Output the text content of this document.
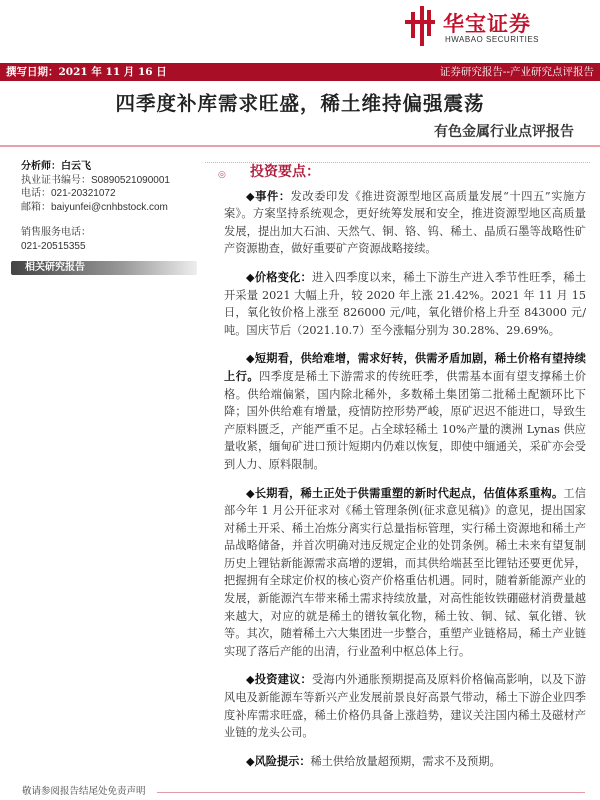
华宝证券
HWABAO SECURITIES
撰写日期：2021 年 11 月 16 日	证券研究报告--产业研究点评报告
四季度补库需求旺盛，稀土维持偏强震荡
有色金属行业点评报告
分析师：白云飞
执业证书编号：S0890521090001
电话：021-20321072
邮箱：baiyunfei@cnhbstock.com
销售服务电话：
021-20515355
相关研究报告
◎ 投资要点：

◆事件：发改委印发《推进资源型地区高质量发展“十四五”实施方案》。方案坚持系统观念，更好统筹发展和安全，推进资源型地区高质量发展，提出加大石油、天然气、铜、铬、钨、稀土、晶质石墨等战略性矿产资源勘查，做好重要矿产资源战略接续。

◆价格变化：进入四季度以来，稀土下游生产进入季节性旺季，稀土开采量 2021 大幅上升，较 2020 年上涨 21.42%。2021 年 11 月 15 日，氧化钕价格上涨至 826000 元/吨，氧化镨价格上升至 843000 元/吨。国庆节后（2021.10.7）至今涨幅分别为 30.28%、29.69%。

◆短期看，供给难增，需求好转，供需矛盾加剧，稀土价格有望持续上行。四季度是稀土下游需求的传统旺季，供需基本面有望支撑稀土价格。供给端偏紧，国内除北稀外，多数稀土集团第二批稀土配额环比下降；国外供给难有增量，疫情防控形势严峻，原矿迟迟不能进口，导致生产原料匮乏，产能严重不足。占全球轻稀土 10%产量的澳洲 Lynas 供应量收紧，缅甸矿进口预计短期内仍难以恢复，即使中缅通关，采矿亦会受到人力、原料限制。

◆长期看，稀土正处于供需重塑的新时代起点，估值体系重构。工信部今年 1 月公开征求对《稀土管理条例(征求意见稿)》的意见，提出国家对稀土开采、稀土冶炼分离实行总量指标管理，实行稀土资源地和稀土产品战略储备，并首次明确对违反规定企业的处罚条例。稀土未来有望复制历史上锂钴新能源需求高增的逻辑，而其供给端甚至比锂钴还要更优异，把握拥有全球定价权的核心资产价格重估机遇。同时，随着新能源产业的发展，新能源汽车带来稀土需求持续放量，对高性能钕铁硼磁材消费量越来越大，对应的就是稀土的镨钕氧化物，稀土钕、铜、铽、氧化镨、钬等。其次，随着稀土六大集团进一步整合，重塑产业链格局，稀土产业链实现了落后产能的出清，行业盈利中枢总体上行。

◆投资建议：受海内外通胀预期提高及原料价格偏高影响，以及下游风电及新能源车等新兴产业发展前景良好高景气带动，稀土下游企业四季度补库需求旺盛，稀土价格仍具备上涨趋势，建议关注国内稀土及磁材产业链的龙头公司。

◆风险提示：稀土供给放量超预期，需求不及预期。

敬请参阅报告结尾处免责声明
